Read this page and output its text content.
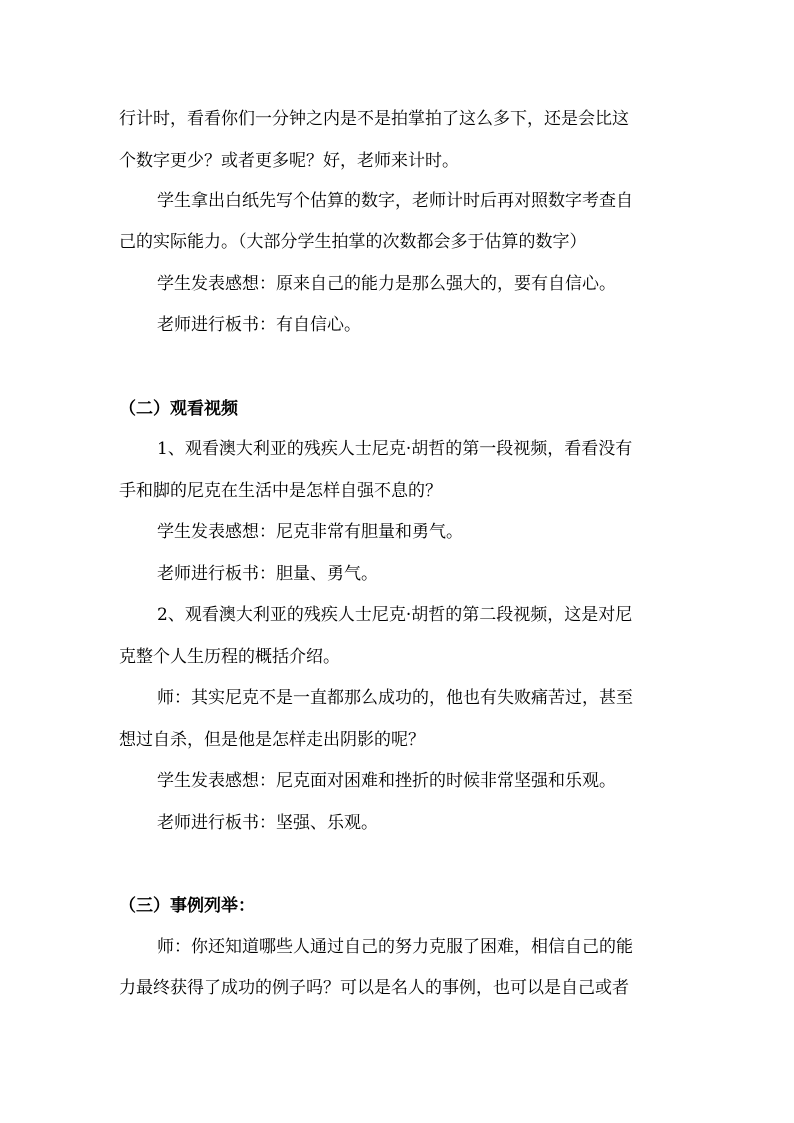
行计时，看看你们一分钟之内是不是拍掌拍了这么多下，还是会比这
个数字更少？或者更多呢？好，老师来计时。
学生拿出白纸先写个估算的数字，老师计时后再对照数字考查自
己的实际能力。（大部分学生拍掌的次数都会多于估算的数字）
学生发表感想：原来自己的能力是那么强大的，要有自信心。
老师进行板书：有自信心。
（二）观看视频
1、观看澳大利亚的残疾人士尼克·胡哲的第一段视频，看看没有
手和脚的尼克在生活中是怎样自强不息的？
学生发表感想：尼克非常有胆量和勇气。
老师进行板书：胆量、勇气。
2、观看澳大利亚的残疾人士尼克·胡哲的第二段视频，这是对尼
克整个人生历程的概括介绍。
师：其实尼克不是一直都那么成功的，他也有失败痛苦过，甚至
想过自杀，但是他是怎样走出阴影的呢？
学生发表感想：尼克面对困难和挫折的时候非常坚强和乐观。
老师进行板书：坚强、乐观。
（三）事例列举：
师：你还知道哪些人通过自己的努力克服了困难，相信自己的能
力最终获得了成功的例子吗？可以是名人的事例，也可以是自己或者
